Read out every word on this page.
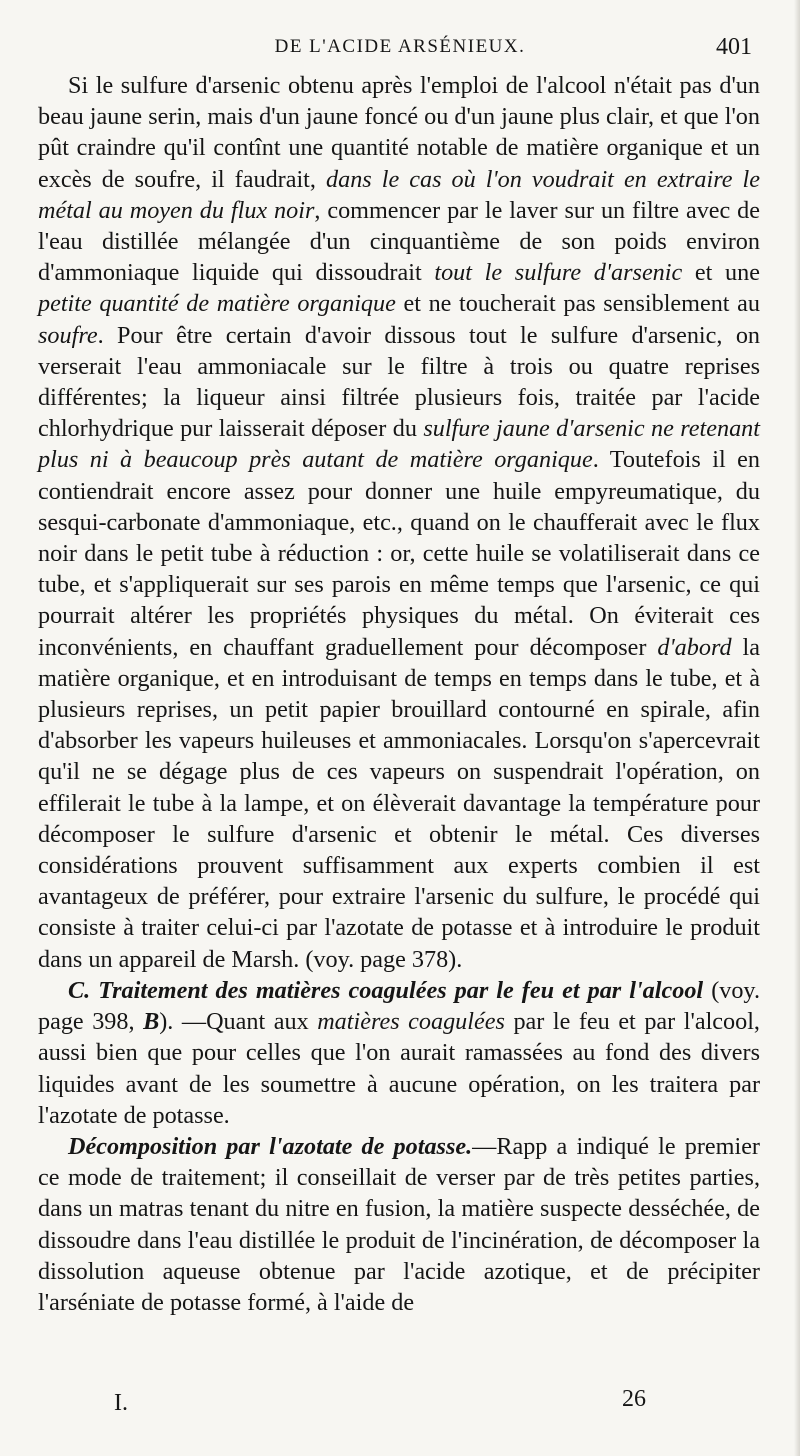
DE L'ACIDE ARSÉNIEUX.	401

Si le sulfure d'arsenic obtenu après l'emploi de l'alcool n'était pas d'un beau jaune serin, mais d'un jaune foncé ou d'un jaune plus clair, et que l'on pût craindre qu'il contînt une quantité notable de matière organique et un excès de soufre, il faudrait, dans le cas où l'on voudrait en extraire le métal au moyen du flux noir, commencer par le laver sur un filtre avec de l'eau distillée mélangée d'un cinquantième de son poids environ d'ammoniaque liquide qui dissoudrait tout le sulfure d'arsenic et une petite quantité de matière organique et ne toucherait pas sensiblement au soufre. Pour être certain d'avoir dissous tout le sulfure d'arsenic, on verserait l'eau ammoniacale sur le filtre à trois ou quatre reprises différentes; la liqueur ainsi filtrée plusieurs fois, traitée par l'acide chlorhydrique pur laisserait déposer du sulfure jaune d'arsenic ne retenant plus ni à beaucoup près autant de matière organique. Toutefois il en contiendrait encore assez pour donner une huile empyreumatique, du sesqui-carbonate d'ammoniaque, etc., quand on le chaufferait avec le flux noir dans le petit tube à réduction : or, cette huile se volatiliserait dans ce tube, et s'appliquerait sur ses parois en même temps que l'arsenic, ce qui pourrait altérer les propriétés physiques du métal. On éviterait ces inconvénients, en chauffant graduellement pour décomposer d'abord la matière organique, et en introduisant de temps en temps dans le tube, et à plusieurs reprises, un petit papier brouillard contourné en spirale, afin d'absorber les vapeurs huileuses et ammoniacales. Lorsqu'on s'apercevrait qu'il ne se dégage plus de ces vapeurs on suspendrait l'opération, on effilerait le tube à la lampe, et on élèverait davantage la température pour décomposer le sulfure d'arsenic et obtenir le métal. Ces diverses considérations prouvent suffisamment aux experts combien il est avantageux de préférer, pour extraire l'arsenic du sulfure, le procédé qui consiste à traiter celui-ci par l'azotate de potasse et à introduire le produit dans un appareil de Marsh. (voy. page 378).

C. Traitement des matières coagulées par le feu et par l'alcool (voy. page 398, B). —Quant aux matières coagulées par le feu et par l'alcool, aussi bien que pour celles que l'on aurait ramassées au fond des divers liquides avant de les soumettre à aucune opération, on les traitera par l'azotate de potasse.

Décomposition par l'azotate de potasse.—Rapp a indiqué le premier ce mode de traitement; il conseillait de verser par de très petites parties, dans un matras tenant du nitre en fusion, la matière suspecte desséchée, de dissoudre dans l'eau distillée le produit de l'incinération, de décomposer la dissolution aqueuse obtenue par l'acide azotique, et de précipiter l'arséniate de potasse formé, à l'aide de

I.	26
